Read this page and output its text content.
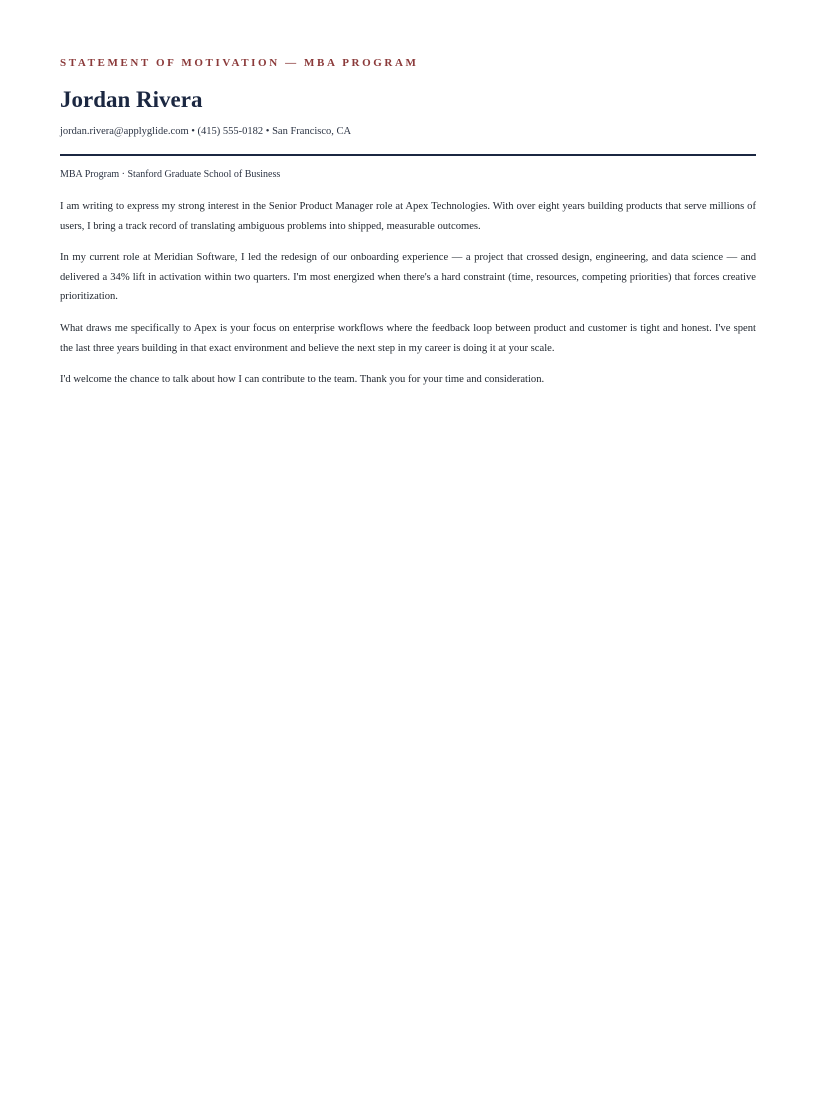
STATEMENT OF MOTIVATION — MBA PROGRAM
Jordan Rivera
jordan.rivera@applyglide.com • (415) 555-0182 • San Francisco, CA
MBA Program · Stanford Graduate School of Business

I am writing to express my strong interest in the Senior Product Manager role at Apex Technologies. With over eight years building products that serve millions of users, I bring a track record of translating ambiguous problems into shipped, measurable outcomes.

In my current role at Meridian Software, I led the redesign of our onboarding experience — a project that crossed design, engineering, and data science — and delivered a 34% lift in activation within two quarters. I'm most energized when there's a hard constraint (time, resources, competing priorities) that forces creative prioritization.

What draws me specifically to Apex is your focus on enterprise workflows where the feedback loop between product and customer is tight and honest. I've spent the last three years building in that exact environment and believe the next step in my career is doing it at your scale.

I'd welcome the chance to talk about how I can contribute to the team. Thank you for your time and consideration.
